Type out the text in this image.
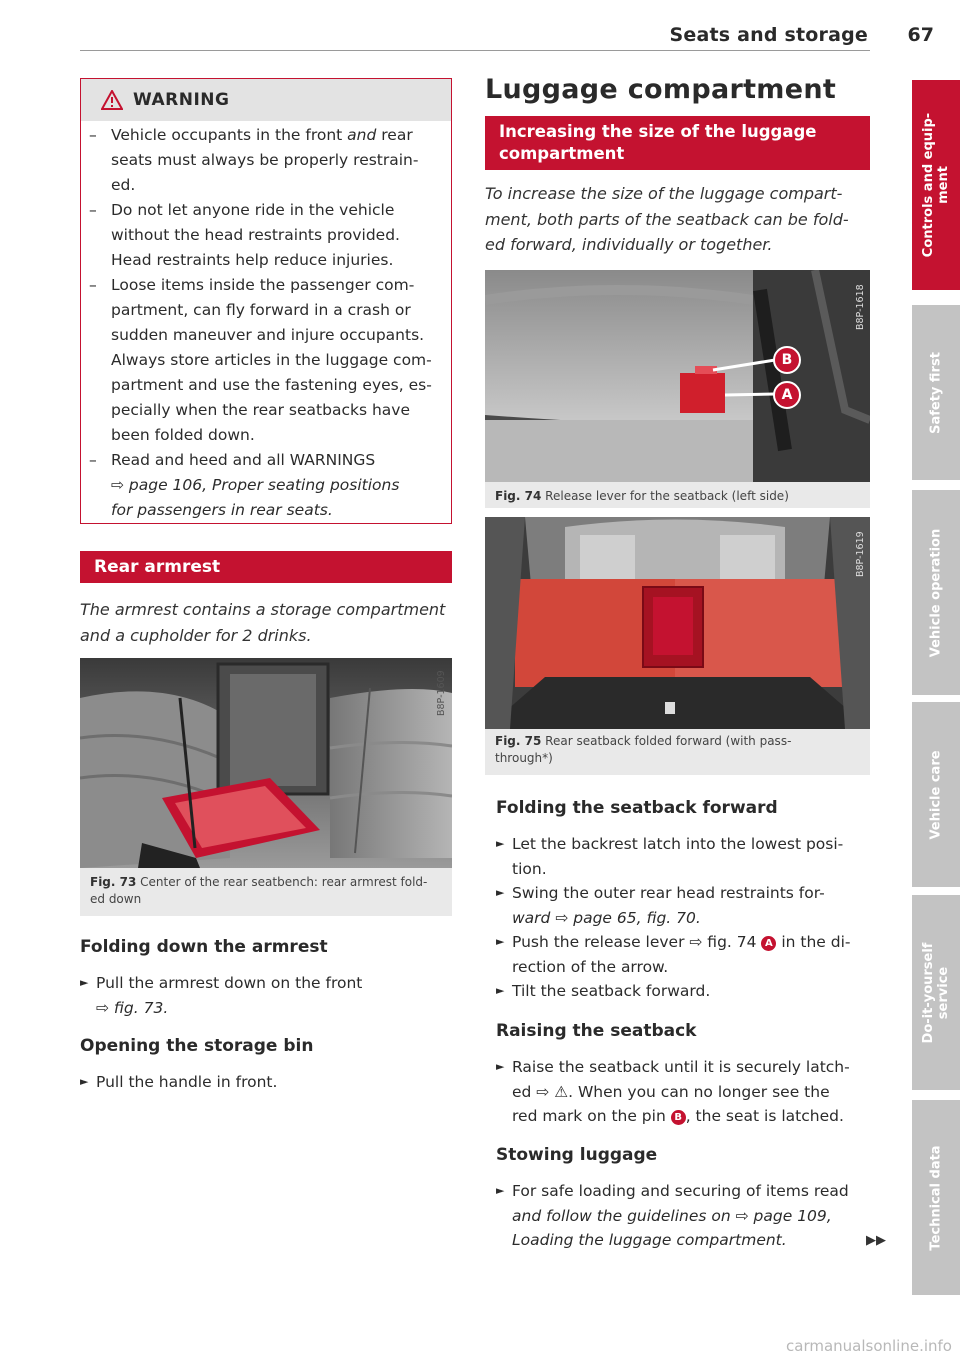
Seats and storage 67
Controls and equip-
ment
Safety first
Vehicle operation
Vehicle care
Do-it-yourself
service
Technical data
WARNING
– Vehicle occupants in the front and rear
seats must always be properly restrain-
ed.
– Do not let anyone ride in the vehicle
without the head restraints provided.
Head restraints help reduce injuries.
– Loose items inside the passenger com-
partment, can fly forward in a crash or
sudden maneuver and injure occupants.
Always store articles in the luggage com-
partment and use the fastening eyes, es-
pecially when the rear seatbacks have
been folded down.
– Read and heed and all WARNINGS
⇨ page 106, Proper seating positions
for passengers in rear seats.
Rear armrest
The armrest contains a storage compartment
and a cupholder for 2 drinks.
B8P-1609
Fig. 73 Center of the rear seatbench: rear armrest fold-
ed down
Folding down the armrest
► Pull the armrest down on the front
⇨ fig. 73.
Opening the storage bin
► Pull the handle in front.
Luggage compartment
Increasing the size of the luggage compartment
To increase the size of the luggage compart-
ment, both parts of the seatback can be fold-
ed forward, individually or together.
B
A
B8P-1618
Fig. 74 Release lever for the seatback (left side)
B8P-1619
Fig. 75 Rear seatback folded forward (with pass-
through*)
Folding the seatback forward
► Let the backrest latch into the lowest posi-
tion.
► Swing the outer rear head restraints for-
ward ⇨ page 65, fig. 70.
► Push the release lever ⇨ fig. 74 A in the di-
rection of the arrow.
► Tilt the seatback forward.
Raising the seatback
► Raise the seatback until it is securely latch-
ed ⇨ ⚠. When you can no longer see the
red mark on the pin B , the seat is latched.
Stowing luggage
► For safe loading and securing of items read
and follow the guidelines on ⇨ page 109,
Loading the luggage compartment.	▶▶
carmanualsonline.info
